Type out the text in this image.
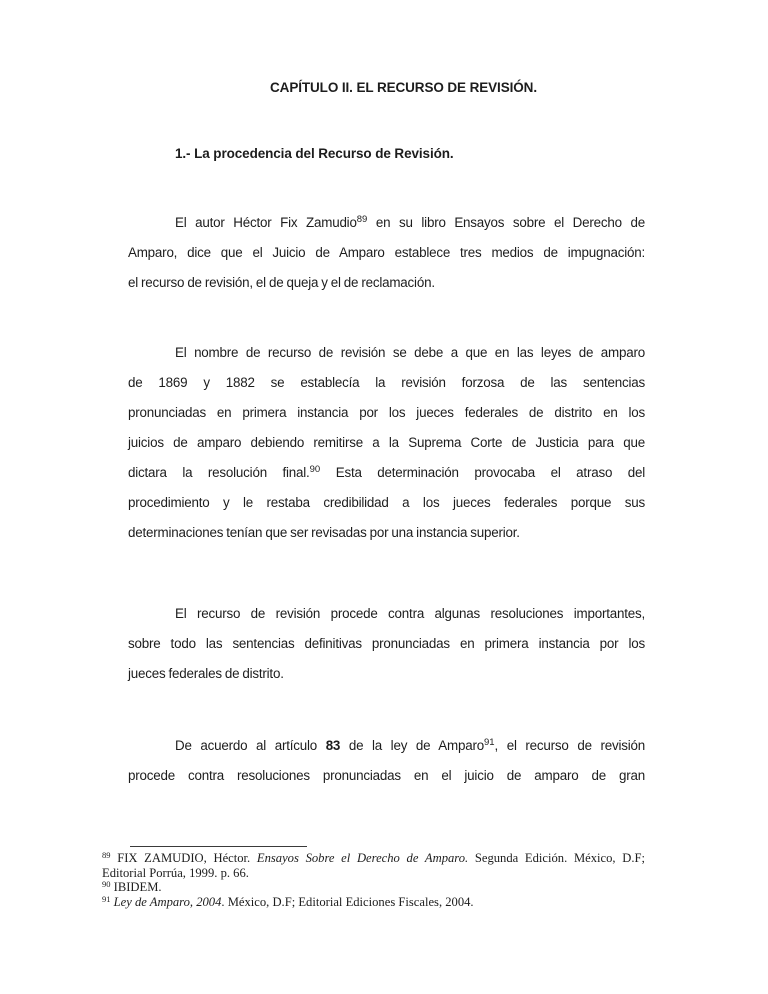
CAPÍTULO II. EL RECURSO DE REVISIÓN.
1.- La procedencia del Recurso de Revisión.
El autor Héctor Fix Zamudio$^{89}$ en su libro Ensayos sobre el Derecho de
Amparo, dice que el Juicio de Amparo establece tres medios de impugnación:
el recurso de revisión, el de queja y el de reclamación.
El nombre de recurso de revisión se debe a que en las leyes de amparo
de 1869 y 1882 se establecía la revisión forzosa de las sentencias
pronunciadas en primera instancia por los jueces federales de distrito en los
juicios de amparo debiendo remitirse a la Suprema Corte de Justicia para que
dictara la resolución final.$^{90}$ Esta determinación provocaba el atraso del
procedimiento y le restaba credibilidad a los jueces federales porque sus
determinaciones tenían que ser revisadas por una instancia superior.
El recurso de revisión procede contra algunas resoluciones importantes,
sobre todo las sentencias definitivas pronunciadas en primera instancia por los
jueces federales de distrito.
De acuerdo al artículo 83 de la ley de Amparo$^{91}$, el recurso de revisión
procede contra resoluciones pronunciadas en el juicio de amparo de gran
$^{89}$ FIX ZAMUDIO, Héctor. Ensayos Sobre el Derecho de Amparo. Segunda Edición. México, D.F;
Editorial Porrúa, 1999. p. 66.
$^{90}$ IBIDEM.
$^{91}$ Ley de Amparo, 2004. México, D.F; Editorial Ediciones Fiscales, 2004.
